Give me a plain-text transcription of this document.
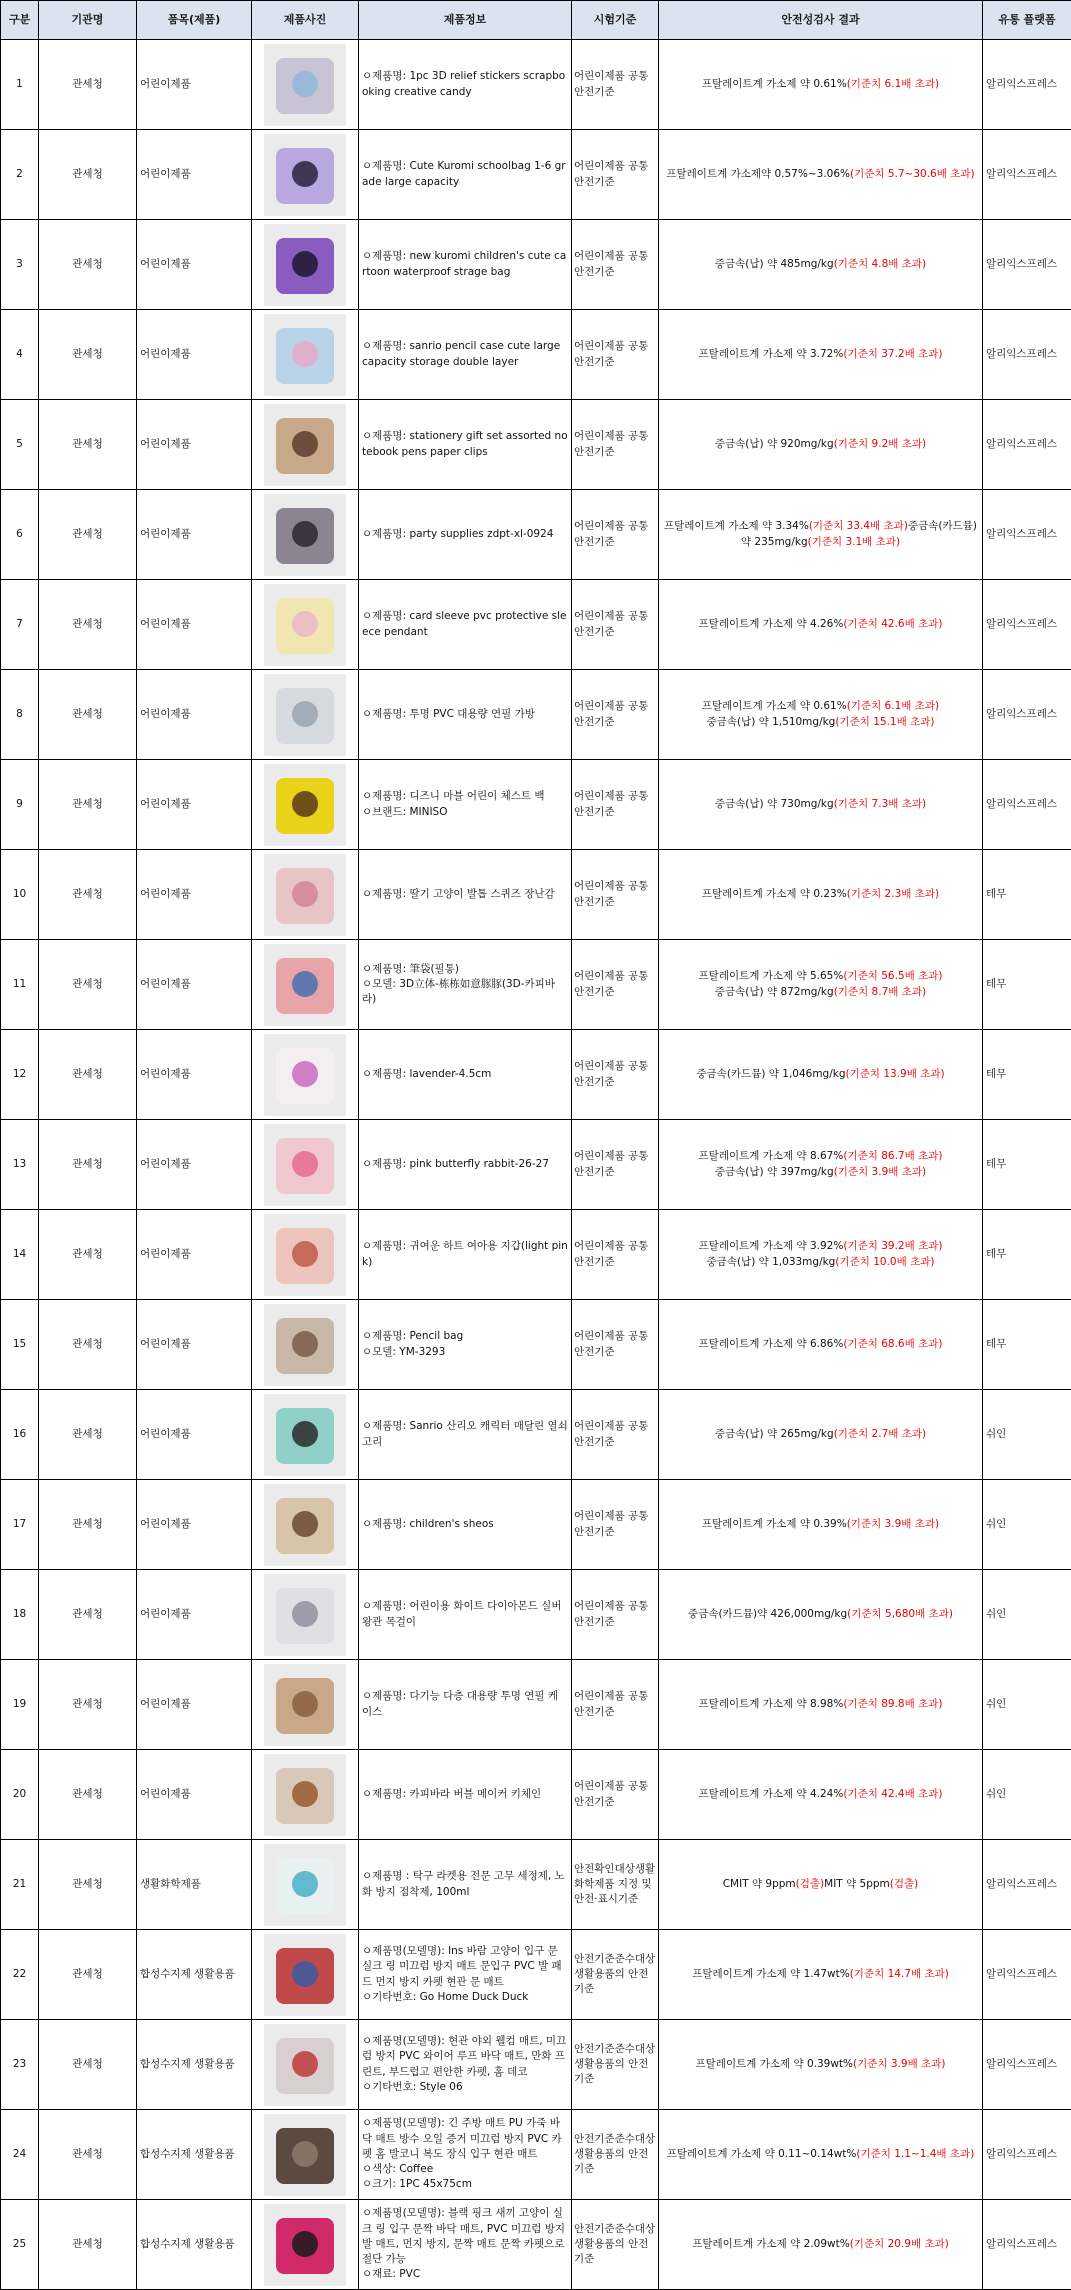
구분	기관명	품목(제품)	제품사진	제품정보	시험기준	안전성검사 결과	유통 플랫폼
1	관세청	어린이제품		ㅇ제품명: 1pc 3D relief stickers scrapbooking creative candy	어린이제품 공통 안전기준	프탈레이트계 가소제 약 0.61%(기준치 6.1배 초과)	알리익스프레스
2	관세청	어린이제품		ㅇ제품명: Cute Kuromi schoolbag 1-6 grade large capacity	어린이제품 공통 안전기준	프탈레이트계 가소제약 0.57%~3.06%(기준치 5.7~30.6배 초과)	알리익스프레스
3	관세청	어린이제품		ㅇ제품명: new kuromi children's cute cartoon waterproof strage bag	어린이제품 공통 안전기준	중금속(납) 약 485mg/kg(기준치 4.8배 초과)	알리익스프레스
4	관세청	어린이제품		ㅇ제품명: sanrio pencil case cute large capacity storage double layer	어린이제품 공통 안전기준	프탈레이트계 가소제 약 3.72%(기준치 37.2배 초과)	알리익스프레스
5	관세청	어린이제품		ㅇ제품명: stationery gift set assorted notebook pens paper clips	어린이제품 공통 안전기준	중금속(납) 약 920mg/kg(기준치 9.2배 초과)	알리익스프레스
6	관세청	어린이제품		ㅇ제품명: party supplies zdpt-xl-0924	어린이제품 공통 안전기준	프탈레이트계 가소제 약 3.34%(기준치 33.4배 초과)중금속(카드뮴) 약 235mg/kg(기준치 3.1배 초과)	알리익스프레스
7	관세청	어린이제품		ㅇ제품명: card sleeve pvc protective sleece pendant	어린이제품 공통 안전기준	프탈레이트계 가소제 약 4.26%(기준치 42.6배 초과)	알리익스프레스
8	관세청	어린이제품		ㅇ제품명: 투명 PVC 대용량 연필 가방	어린이제품 공통 안전기준	프탈레이트계 가소제 약 0.61%(기준치 6.1배 초과)
중금속(납) 약 1,510mg/kg(기준치 15.1배 초과)	알리익스프레스
9	관세청	어린이제품		ㅇ제품명: 디즈니 마블 어린이 체스트 백
ㅇ브랜드: MINISO	어린이제품 공통 안전기준	중금속(납) 약 730mg/kg(기준치 7.3배 초과)	알리익스프레스
10	관세청	어린이제품		ㅇ제품명: 딸기 고양이 발톱 스퀴즈 장난감	어린이제품 공통 안전기준	프탈레이트계 가소제 약 0.23%(기준치 2.3배 초과)	테무
11	관세청	어린이제품		ㅇ제품명: 筆袋(필통)
ㅇ모델: 3D立体-栋栋如意豚豚(3D-카피바라)	어린이제품 공통 안전기준	프탈레이트계 가소제 약 5.65%(기준치 56.5배 초과)
중금속(납) 약 872mg/kg(기준치 8.7배 초과)	테무
12	관세청	어린이제품		ㅇ제품명: lavender-4.5cm	어린이제품 공통 안전기준	중금속(카드뮴) 약 1,046mg/kg(기준치 13.9배 초과)	테무
13	관세청	어린이제품		ㅇ제품명: pink butterfly rabbit-26-27	어린이제품 공통 안전기준	프탈레이트계 가소제 약 8.67%(기준치 86.7배 초과)
중금속(납) 약 397mg/kg(기준치 3.9배 초과)	테무
14	관세청	어린이제품		ㅇ제품명: 귀여운 하트 여아용 지갑(light pink)	어린이제품 공통 안전기준	프탈레이트계 가소제 약 3.92%(기준치 39.2배 초과)
중금속(납) 약 1,033mg/kg(기준치 10.0배 초과)	테무
15	관세청	어린이제품		ㅇ제품명: Pencil bag
ㅇ모델: YM-3293	어린이제품 공통 안전기준	프탈레이트계 가소제 약 6.86%(기준치 68.6배 초과)	테무
16	관세청	어린이제품		ㅇ제품명: Sanrio 산리오 캐릭터 매달린 열쇠고리	어린이제품 공통 안전기준	중금속(납) 약 265mg/kg(기준치 2.7배 초과)	쉬인
17	관세청	어린이제품		ㅇ제품명: children's sheos	어린이제품 공통 안전기준	프탈레이트계 가소제 약 0.39%(기준치 3.9배 초과)	쉬인
18	관세청	어린이제품		ㅇ제품명: 어린이용 화이트 다이아몬드 실버 왕관 목걸이	어린이제품 공통 안전기준	중금속(카드뮴)약 426,000mg/kg(기준치 5,680배 초과)	쉬인
19	관세청	어린이제품		ㅇ제품명: 다기능 다층 대용량 투명 연필 케이스	어린이제품 공통 안전기준	프탈레이트계 가소제 약 8.98%(기준치 89.8배 초과)	쉬인
20	관세청	어린이제품		ㅇ제품명: 카피바라 버블 메이커 키체인	어린이제품 공통 안전기준	프탈레이트계 가소제 약 4.24%(기준치 42.4배 초과)	쉬인
21	관세청	생활화학제품		ㅇ제품명 : 탁구 라켓용 전문 고무 세정제, 노화 방지 점착제, 100ml	안전확인대상생활화학제품 지정 및 안전·표시기준	CMIT 약 9ppm(검출)MIT 약 5ppm(검출)	알리익스프레스
22	관세청	합성수지제 생활용품		ㅇ제품명(모델명): Ins 바람 고양이 입구 문 실크 링 미끄럼 방지 매트 문입구 PVC 발 패드 먼지 방지 카펫 현관 문 매트
ㅇ기타번호: Go Home Duck Duck	안전기준준수대상 생활용품의 안전기준	프탈레이트계 가소제 약 1.47wt%(기준치 14.7배 초과)	알리익스프레스
23	관세청	합성수지제 생활용품		ㅇ제품명(모델명): 현관 야외 웰컴 매트, 미끄럼 방지 PVC 와이어 루프 바닥 매트, 만화 프린트, 부드럽고 편안한 카펫, 홈 데코
ㅇ기타번호: Style 06	안전기준준수대상 생활용품의 안전기준	프탈레이트계 가소제 약 0.39wt%(기준치 3.9배 초과)	알리익스프레스
24	관세청	합성수지제 생활용품		ㅇ제품명(모델명): 긴 주방 매트 PU 가죽 바닥 매트 방수 오일 증거 미끄럼 방지 PVC 카펫 홈 발코니 복도 장식 입구 현관 매트
ㅇ색상: Coffee
ㅇ크기: 1PC 45x75cm	안전기준준수대상 생활용품의 안전기준	프탈레이트계 가소제 약 0.11~0.14wt%(기준치 1.1~1.4배 초과)	알리익스프레스
25	관세청	합성수지제 생활용품		ㅇ제품명(모델명): 블랙 핑크 새끼 고양이 실크 링 입구 문짝 바닥 매트, PVC 미끄럼 방지 발 매트, 먼지 방지, 문짝 매트 문짝 카펫으로 절단 가능
ㅇ재료: PVC	안전기준준수대상 생활용품의 안전기준	프탈레이트계 가소제 약 2.09wt%(기준치 20.9배 초과)	알리익스프레스
